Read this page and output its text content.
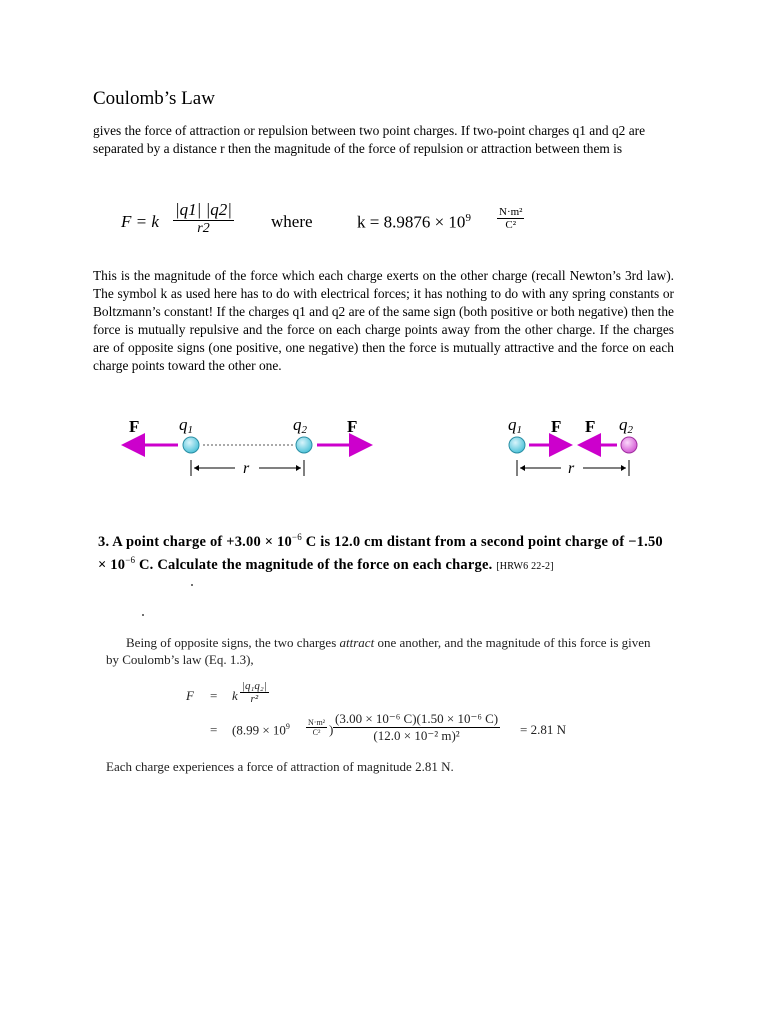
Coulomb’s Law
gives the force of attraction or repulsion between two point charges. If two-point charges q1 and q2 are separated by a distance r then the magnitude of the force of repulsion or attraction between them is
F = k
|q1| |q2|
r2	where	$k = 8.9876 \times 10^9 \frac{\text{N·m²}}{\text{C²}}$
This is the magnitude of the force which each charge exerts on the other charge (recall Newton’s 3rd law). The symbol k as used here has to do with electrical forces; it has nothing to do with any spring constants or Boltzmann’s constant! If the charges q1 and q2 are of the same sign (both positive or both negative) then the force is mutually repulsive and the force on each charge points away from the other charge. If the charges are of opposite signs (one positive, one negative) then the force is mutually attractive and the force on each charge points toward the other one.
F q1	q2 F
r
q1 F F q2
r
3. A point charge of $+3.00 \times 10^{-6}$ C is 12.0 cm distant from a second point charge of $-1.50 \times 10^{-6}$ C. Calculate the magnitude of the force on each charge. [HRW6 22-2]
Being of opposite signs, the two charges attract one another, and the magnitude of this force is given by Coulomb’s law (Eq. 1.3),
F = k $\frac{\text{|q₁q₂|}}{\text{r²}}$
= ($8.99 \times 10^9 \frac{\text{N·m²}}{\text{C²}}$ ) $\frac{\text{(3.00 × 10⁻⁶ C)(1.50 × 10⁻⁶ C)}}{\text{(12.0 × 10⁻² m)²}} = 2.81$ N
Each charge experiences a force of attraction of magnitude 2.81 N.
